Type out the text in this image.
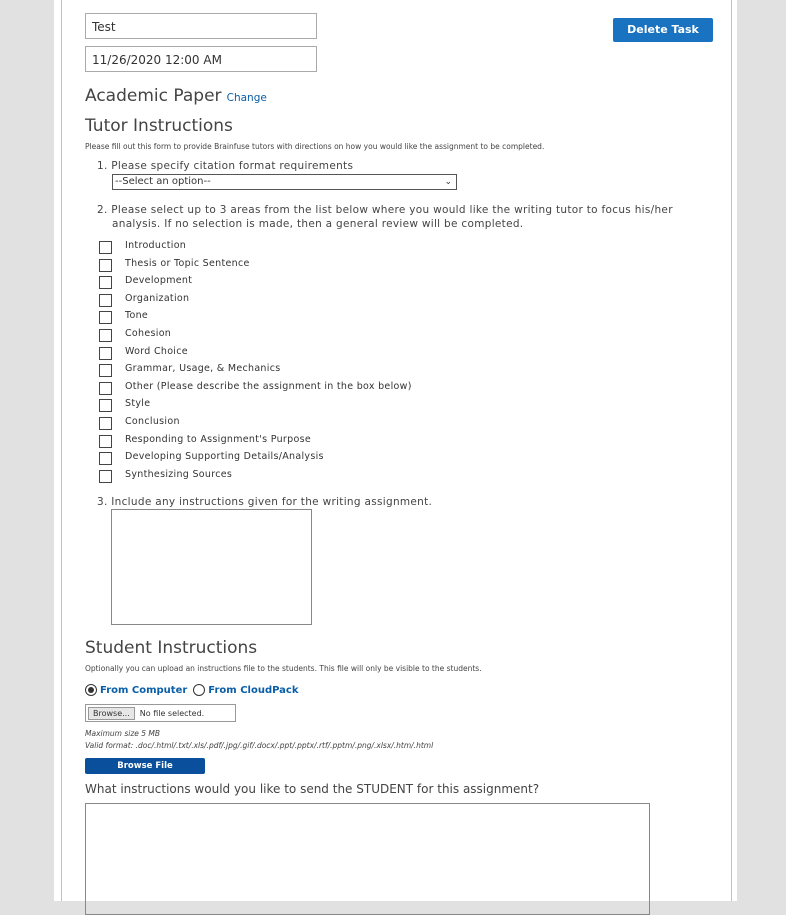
Test
11/26/2020 12:00 AM
Delete Task
Academic Paper Change
Tutor Instructions
Please fill out this form to provide Brainfuse tutors with directions on how you would like the assignment to be completed.
1. Please specify citation format requirements
--Select an option--	⌄
2. Please select up to 3 areas from the list below where you would like the writing tutor to focus his/her
analysis. If no selection is made, then a general review will be completed.
Introduction
Thesis or Topic Sentence
Development
Organization
Tone
Cohesion
Word Choice
Grammar, Usage, & Mechanics
Other (Please describe the assignment in the box below)
Style
Conclusion
Responding to Assignment's Purpose
Developing Supporting Details/Analysis
Synthesizing Sources
3. Include any instructions given for the writing assignment.
Student Instructions
Optionally you can upload an instructions file to the students. This file will only be visible to the students.
From Computer From CloudPack
Browse...	No file selected.
Maximum size 5 MB
Valid format: .doc/.html/.txt/.xls/.pdf/.jpg/.gif/.docx/.ppt/.pptx/.rtf/.pptm/.png/.xlsx/.htm/.html
Browse File
What instructions would you like to send the STUDENT for this assignment?
